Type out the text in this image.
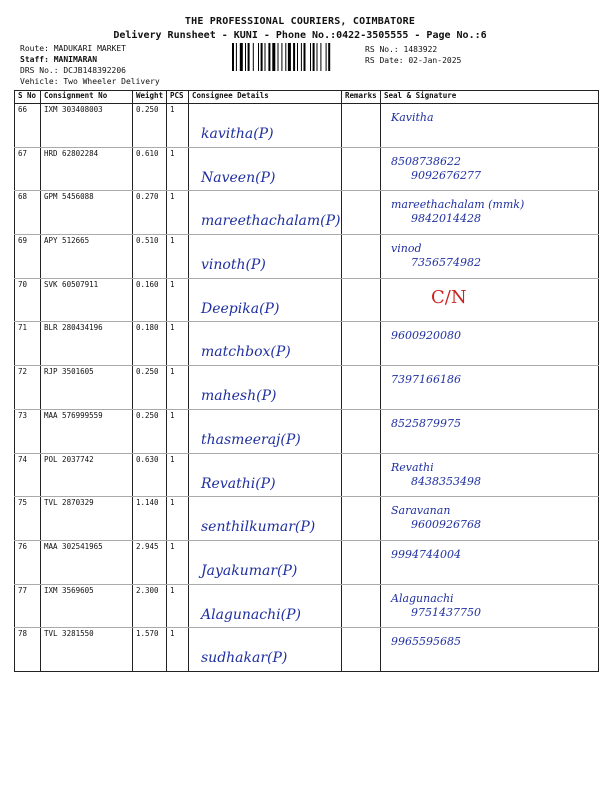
THE PROFESSIONAL COURIERS, COIMBATORE
Delivery Runsheet - KUNI - Phone No.:0422-3505555 - Page No.:6
Route: MADUKARI MARKET
Staff: MANIMARAN
DRS No.: DCJB148392206
Vehicle: Two Wheeler Delivery
RS No.: 1483922
RS Date: 02-Jan-2025
S No	Consignment No	Weight	PCS	Consignee Details	Remarks	Seal & Signature
66	IXM 303408003	0.250	1	kavitha(P)		Kavitha

67	HRD 62802284	0.610	1	Naveen(P)		8508738622
9092676277

68	GPM 5456088	0.270	1	mareethachalam(P)		mareethachalam (mmk)
9842014428

69	APY 512665	0.510	1	vinoth(P)		vinod
7356574982

70	SVK 60507911	0.160	1	Deepika(P)		C/N

71	BLR 280434196	0.180	1	matchbox(P)		9600920080

72	RJP 3501605	0.250	1	mahesh(P)		7397166186

73	MAA 576999559	0.250	1	thasmeeraj(P)		8525879975

74	POL 2037742	0.630	1	Revathi(P)		Revathi
8438353498

75	TVL 2870329	1.140	1	senthilkumar(P)		Saravanan
9600926768

76	MAA 302541965	2.945	1	Jayakumar(P)		9994744004

77	IXM 3569605	2.300	1	Alagunachi(P)		Alagunachi
9751437750

78	TVL 3281550	1.570	1	sudhakar(P)		9965595685
